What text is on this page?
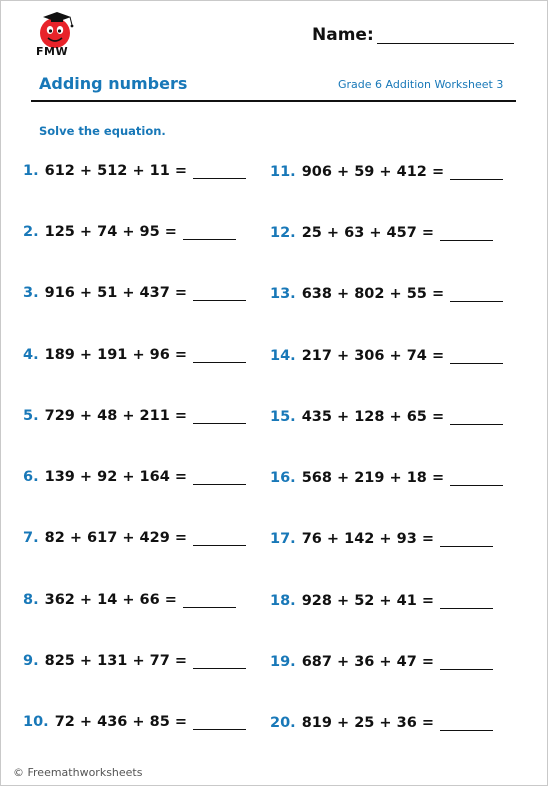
FMW
Name:
Adding numbers	Grade 6 Addition Worksheet 3
Solve the equation.
1. 612 + 512 + 11 =
2. 125 + 74 + 95 =
3. 916 + 51 + 437 =
4. 189 + 191 + 96 =
5. 729 + 48 + 211 =
6. 139 + 92 + 164 =
7. 82 + 617 + 429 =
8. 362 + 14 + 66 =
9. 825 + 131 + 77 =
10. 72 + 436 + 85 =
11. 906 + 59 + 412 =
12. 25 + 63 + 457 =
13. 638 + 802 + 55 =
14. 217 + 306 + 74 =
15. 435 + 128 + 65 =
16. 568 + 219 + 18 =
17. 76 + 142 + 93 =
18. 928 + 52 + 41 =
19. 687 + 36 + 47 =
20. 819 + 25 + 36 =
© Freemathworksheets
